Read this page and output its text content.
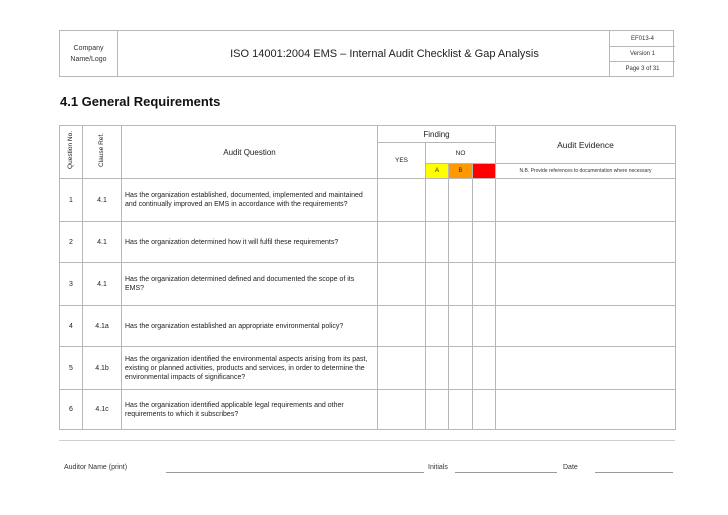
Company
Name/Logo	ISO 14001:2004 EMS – Internal Audit Checklist & Gap Analysis
EF013-4
Version 1
Page 3 of 31
4.1 General Requirements
Question No.	Clause Ref.	Audit Question	Finding				Audit Evidence
			YES	NO			
				A	B	C	N.B. Provide references to documentation where necessary
1	4.1	Has the organization established, documented, implemented and maintained and continually improved an EMS in accordance with the requirements?					
2	4.1	Has the organization determined how it will fulfil these requirements?					
3	4.1	Has the organization determined defined and documented the scope of its EMS?					
4	4.1a	Has the organization established an appropriate environmental policy?					
5	4.1b	Has the organization identified the environmental aspects arising from its past, existing or planned activities, products and services, in order to determine the environmental impacts of significance?					
6	4.1c	Has the organization identified applicable legal requirements and other requirements to which it subscribes?					
Auditor Name (print)	Initials	Date
